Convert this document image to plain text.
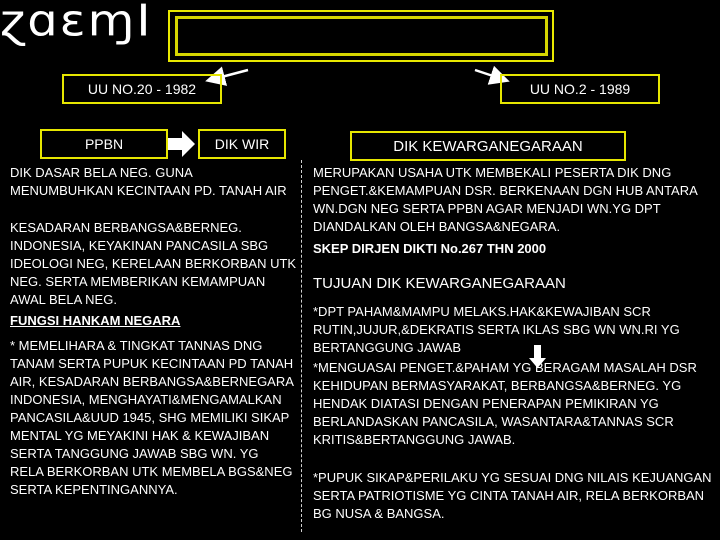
ɀɑɛɱI
UU NO.20 - 1982	UU NO.2 - 1989
PPBN	DIK WIR	DIK KEWARGANEGARAAN
DIK DASAR BELA NEG. GUNA MENUMBUHKAN KECINTAAN PD. TANAH AIR
KESADARAN BERBANGSA&BERNEG. INDONESIA, KEYAKINAN PANCASILA SBG IDEOLOGI NEG, KERELAAN BERKORBAN UTK NEG. SERTA MEMBERIKAN KEMAMPUAN AWAL BELA NEG.
FUNGSI HANKAM NEGARA
* MEMELIHARA & TINGKAT TANNAS DNG TANAM SERTA PUPUK KECINTAAN PD TANAH AIR, KESADARAN BERBANGSA&BERNEGARA INDONESIA, MENGHAYATI&MENGAMALKAN PANCASILA&UUD 1945, SHG MEMILIKI SIKAP MENTAL YG MEYAKINI HAK & KEWAJIBAN SERTA TANGGUNG JAWAB SBG WN. YG RELA BERKORBAN UTK MEMBELA BGS&NEG SERTA KEPENTINGANNYA.
MERUPAKAN USAHA UTK MEMBEKALI PESERTA DIK DNG PENGET.&KEMAMPUAN DSR. BERKENAAN DGN HUB ANTARA WN.DGN NEG SERTA PPBN AGAR MENJADI WN.YG DPT DIANDALKAN OLEH BANGSA&NEGARA.
SKEP DIRJEN DIKTI No.267 THN 2000
TUJUAN DIK KEWARGANEGARAAN
*DPT PAHAM&MAMPU MELAKS.HAK&KEWAJIBAN SCR RUTIN,JUJUR,&DEKRATIS SERTA IKLAS SBG WN WN.RI YG BERTANGGUNG JAWAB
*MENGUASAI PENGET.&PAHAM YG BERAGAM MASALAH DSR KEHIDUPAN BERMASYARAKAT, BERBANGSA&BERNEG. YG HENDAK DIATASI DENGAN PENERAPAN PEMIKIRAN YG BERLANDASKAN PANCASILA, WASANTARA&TANNAS SCR KRITIS&BERTANGGUNG JAWAB.
*PUPUK SIKAP&PERILAKU YG SESUAI DNG NILAIS KEJUANGAN SERTA PATRIOTISME YG CINTA TANAH AIR, RELA BERKORBAN BG NUSA & BANGSA.
